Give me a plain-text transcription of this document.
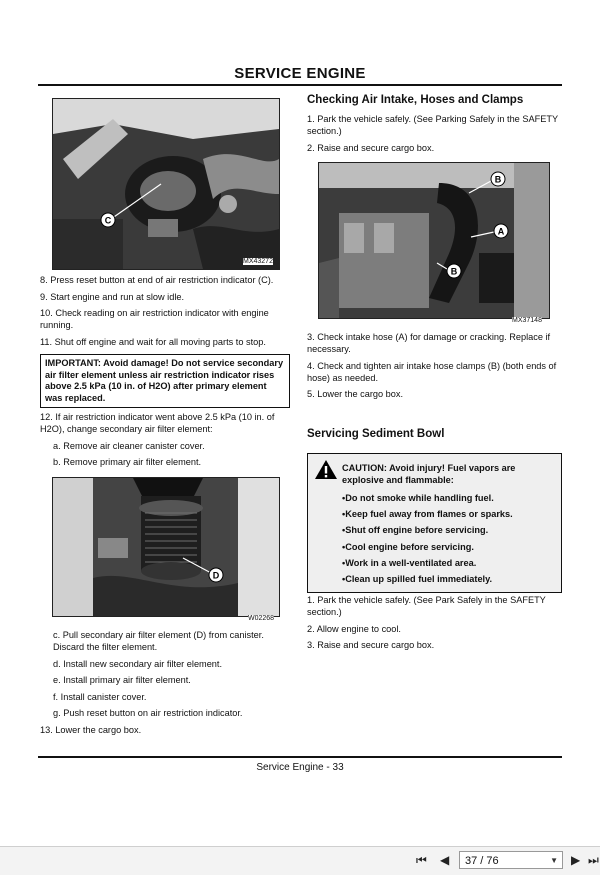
SERVICE ENGINE
C
MX43272

8. Press reset button at end of air restriction indicator (C).

9. Start engine and run at slow idle.

10. Check reading on air restriction indicator with engine running.

11. Shut off engine and wait for all moving parts to stop.

IMPORTANT: Avoid damage! Do not service secondary air filter element unless air restriction indicator rises above 2.5 kPa (10 in. of H2O) after primary element was replaced.

12. If air restriction indicator went above 2.5 kPa (10 in. of H2O), change secondary air filter element:

a. Remove air cleaner canister cover.

b. Remove primary air filter element.

D
W02268

c. Pull secondary air filter element (D) from canister. Discard the filter element.

d. Install new secondary air filter element.

e. Install primary air filter element.

f. Install canister cover.

g. Push reset button on air restriction indicator.

13. Lower the cargo box.

Checking Air Intake, Hoses and Clamps

1. Park the vehicle safely. (See Parking Safely in the SAFETY section.)

2. Raise and secure cargo box.

B
A
B
MX37148

3. Check intake hose (A) for damage or cracking. Replace if necessary.

4. Check and tighten air intake hose clamps (B) (both ends of hose) as needed.

5. Lower the cargo box.

Servicing Sediment Bowl

CAUTION: Avoid injury! Fuel vapors are explosive and flammable:
• Do not smoke while handling fuel.
• Keep fuel away from flames or sparks.
• Shut off engine before servicing.
• Cool engine before servicing.
• Work in a well-ventilated area.
• Clean up spilled fuel immediately.

1. Park the vehicle safely. (See Park Safely in the SAFETY section.)

2. Allow engine to cool.

3. Raise and secure cargo box.

Service Engine - 33
⏮ ◀	37 / 76	▼ ▶ ⏭
